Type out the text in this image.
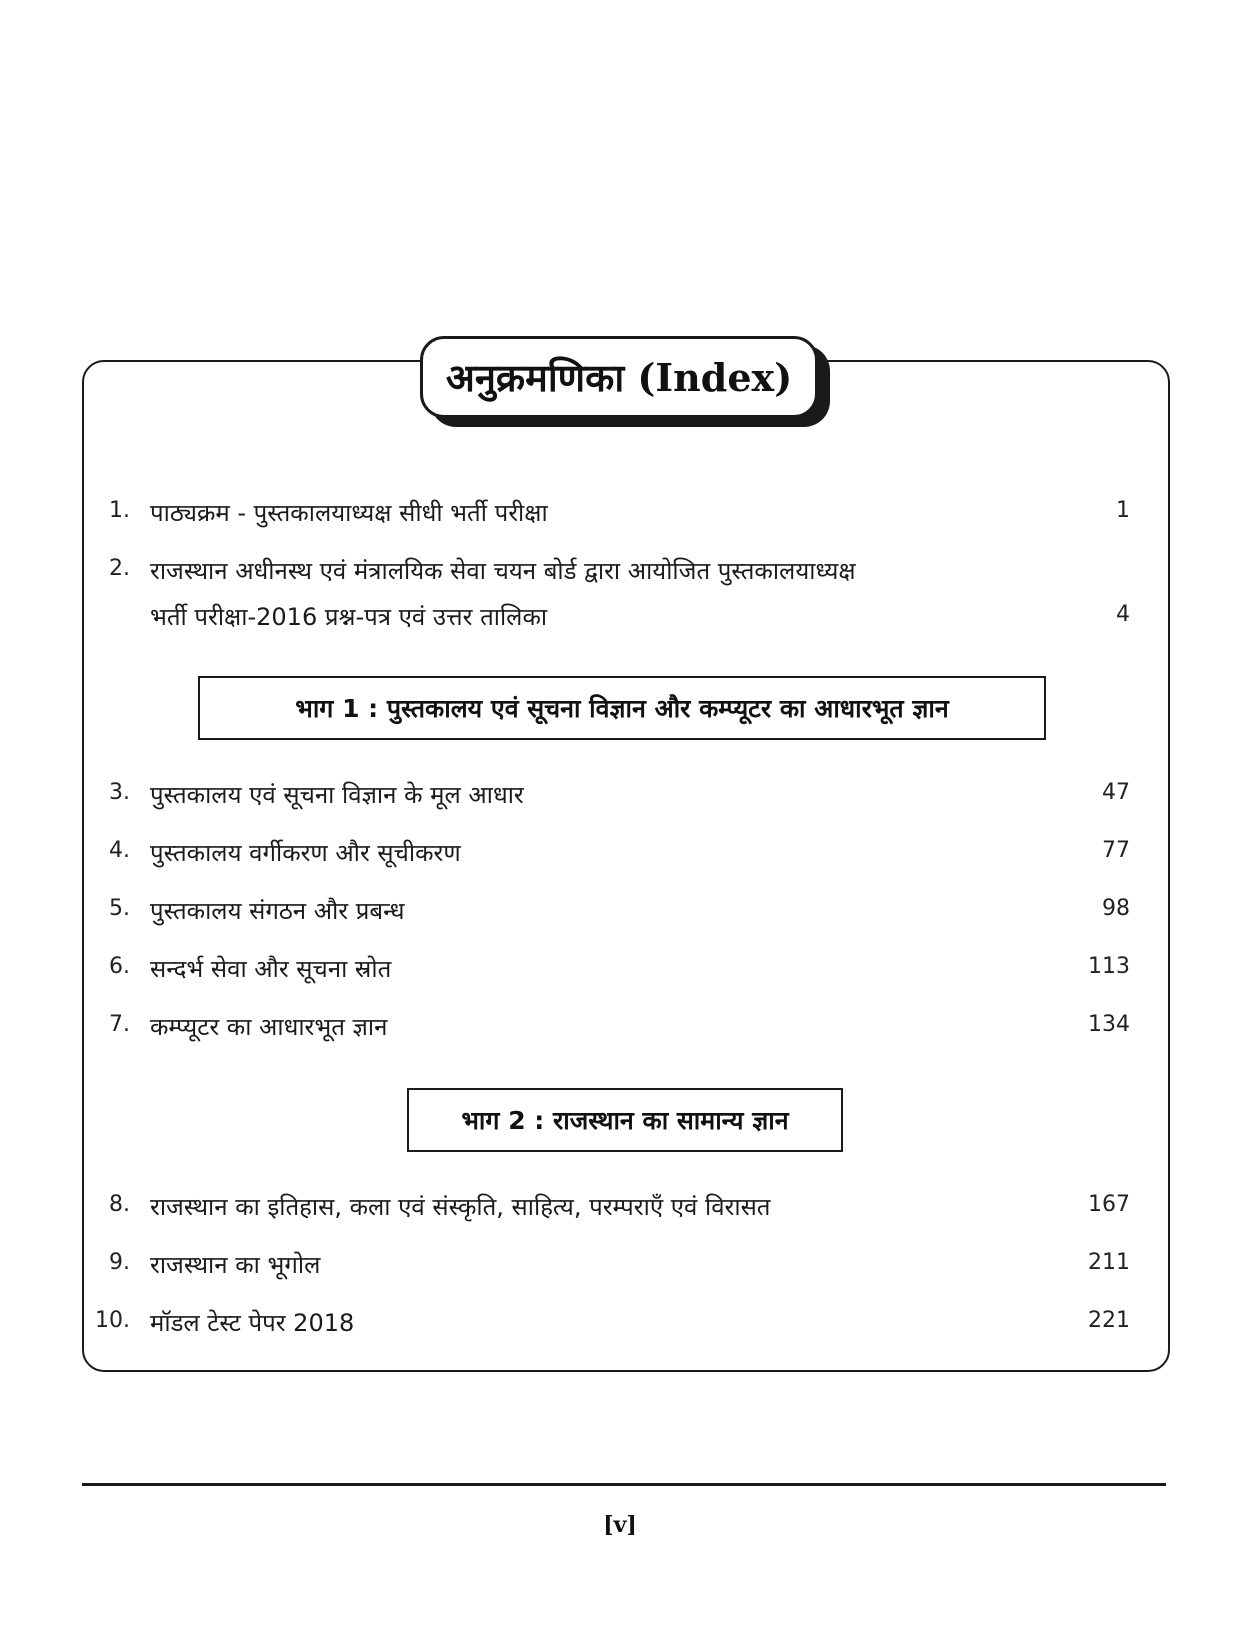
अनुक्रमणिका (Index)
1. पाठ्यक्रम - पुस्तकालयाध्यक्ष सीधी भर्ती परीक्षा	1
2. राजस्थान अधीनस्थ एवं मंत्रालयिक सेवा चयन बोर्ड द्वारा आयोजित पुस्तकालयाध्यक्ष
भर्ती परीक्षा-2016 प्रश्न-पत्र एवं उत्तर तालिका	4
भाग 1 : पुस्तकालय एवं सूचना विज्ञान और कम्प्यूटर का आधारभूत ज्ञान
3. पुस्तकालय एवं सूचना विज्ञान के मूल आधार	47
4. पुस्तकालय वर्गीकरण और सूचीकरण	77
5. पुस्तकालय संगठन और प्रबन्ध	98
6. सन्दर्भ सेवा और सूचना स्रोत	113
7. कम्प्यूटर का आधारभूत ज्ञान	134
भाग 2 : राजस्थान का सामान्य ज्ञान
8. राजस्थान का इतिहास, कला एवं संस्कृति, साहित्य, परम्पराएँ एवं विरासत	167
9. राजस्थान का भूगोल	211
10. मॉडल टेस्ट पेपर 2018	221
[v]
